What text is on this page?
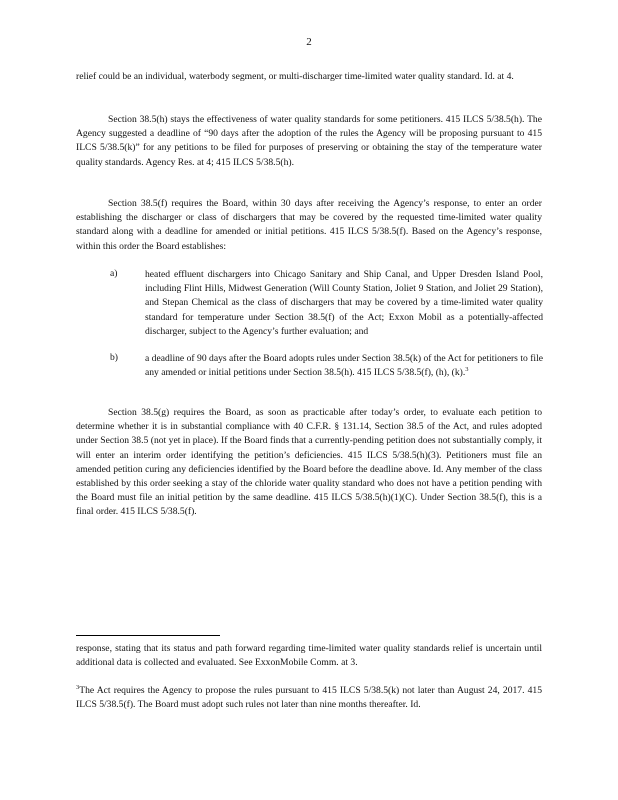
2

relief could be an individual, waterbody segment, or multi-discharger time-limited water quality standard. Id. at 4.

Section 38.5(h) stays the effectiveness of water quality standards for some petitioners. 415 ILCS 5/38.5(h). The Agency suggested a deadline of “90 days after the adoption of the rules the Agency will be proposing pursuant to 415 ILCS 5/38.5(k)” for any petitions to be filed for purposes of preserving or obtaining the stay of the temperature water quality standards. Agency Res. at 4; 415 ILCS 5/38.5(h).

Section 38.5(f) requires the Board, within 30 days after receiving the Agency’s response, to enter an order establishing the discharger or class of dischargers that may be covered by the requested time-limited water quality standard along with a deadline for amended or initial petitions. 415 ILCS 5/38.5(f). Based on the Agency’s response, within this order the Board establishes:

a)	heated effluent dischargers into Chicago Sanitary and Ship Canal, and Upper Dresden Island Pool, including Flint Hills, Midwest Generation (Will County Station, Joliet 9 Station, and Joliet 29 Station), and Stepan Chemical as the class of dischargers that may be covered by a time-limited water quality standard for temperature under Section 38.5(f) of the Act; Exxon Mobil as a potentially-affected discharger, subject to the Agency’s further evaluation; and

b)	a deadline of 90 days after the Board adopts rules under Section 38.5(k) of the Act for petitioners to file any amended or initial petitions under Section 38.5(h). 415 ILCS 5/38.5(f), (h), (k).$^3$

Section 38.5(g) requires the Board, as soon as practicable after today’s order, to evaluate each petition to determine whether it is in substantial compliance with 40 C.F.R. § 131.14, Section 38.5 of the Act, and rules adopted under Section 38.5 (not yet in place). If the Board finds that a currently-pending petition does not substantially comply, it will enter an interim order identifying the petition’s deficiencies. 415 ILCS 5/38.5(h)(3). Petitioners must file an amended petition curing any deficiencies identified by the Board before the deadline above. Id. Any member of the class established by this order seeking a stay of the chloride water quality standard who does not have a petition pending with the Board must file an initial petition by the same deadline. 415 ILCS 5/38.5(h)(1)(C). Under Section 38.5(f), this is a final order. 415 ILCS 5/38.5(f).

response, stating that its status and path forward regarding time-limited water quality standards relief is uncertain until additional data is collected and evaluated. See ExxonMobile Comm. at 3.

$^3$The Act requires the Agency to propose the rules pursuant to 415 ILCS 5/38.5(k) not later than August 24, 2017. 415 ILCS 5/38.5(f). The Board must adopt such rules not later than nine months thereafter. Id.
